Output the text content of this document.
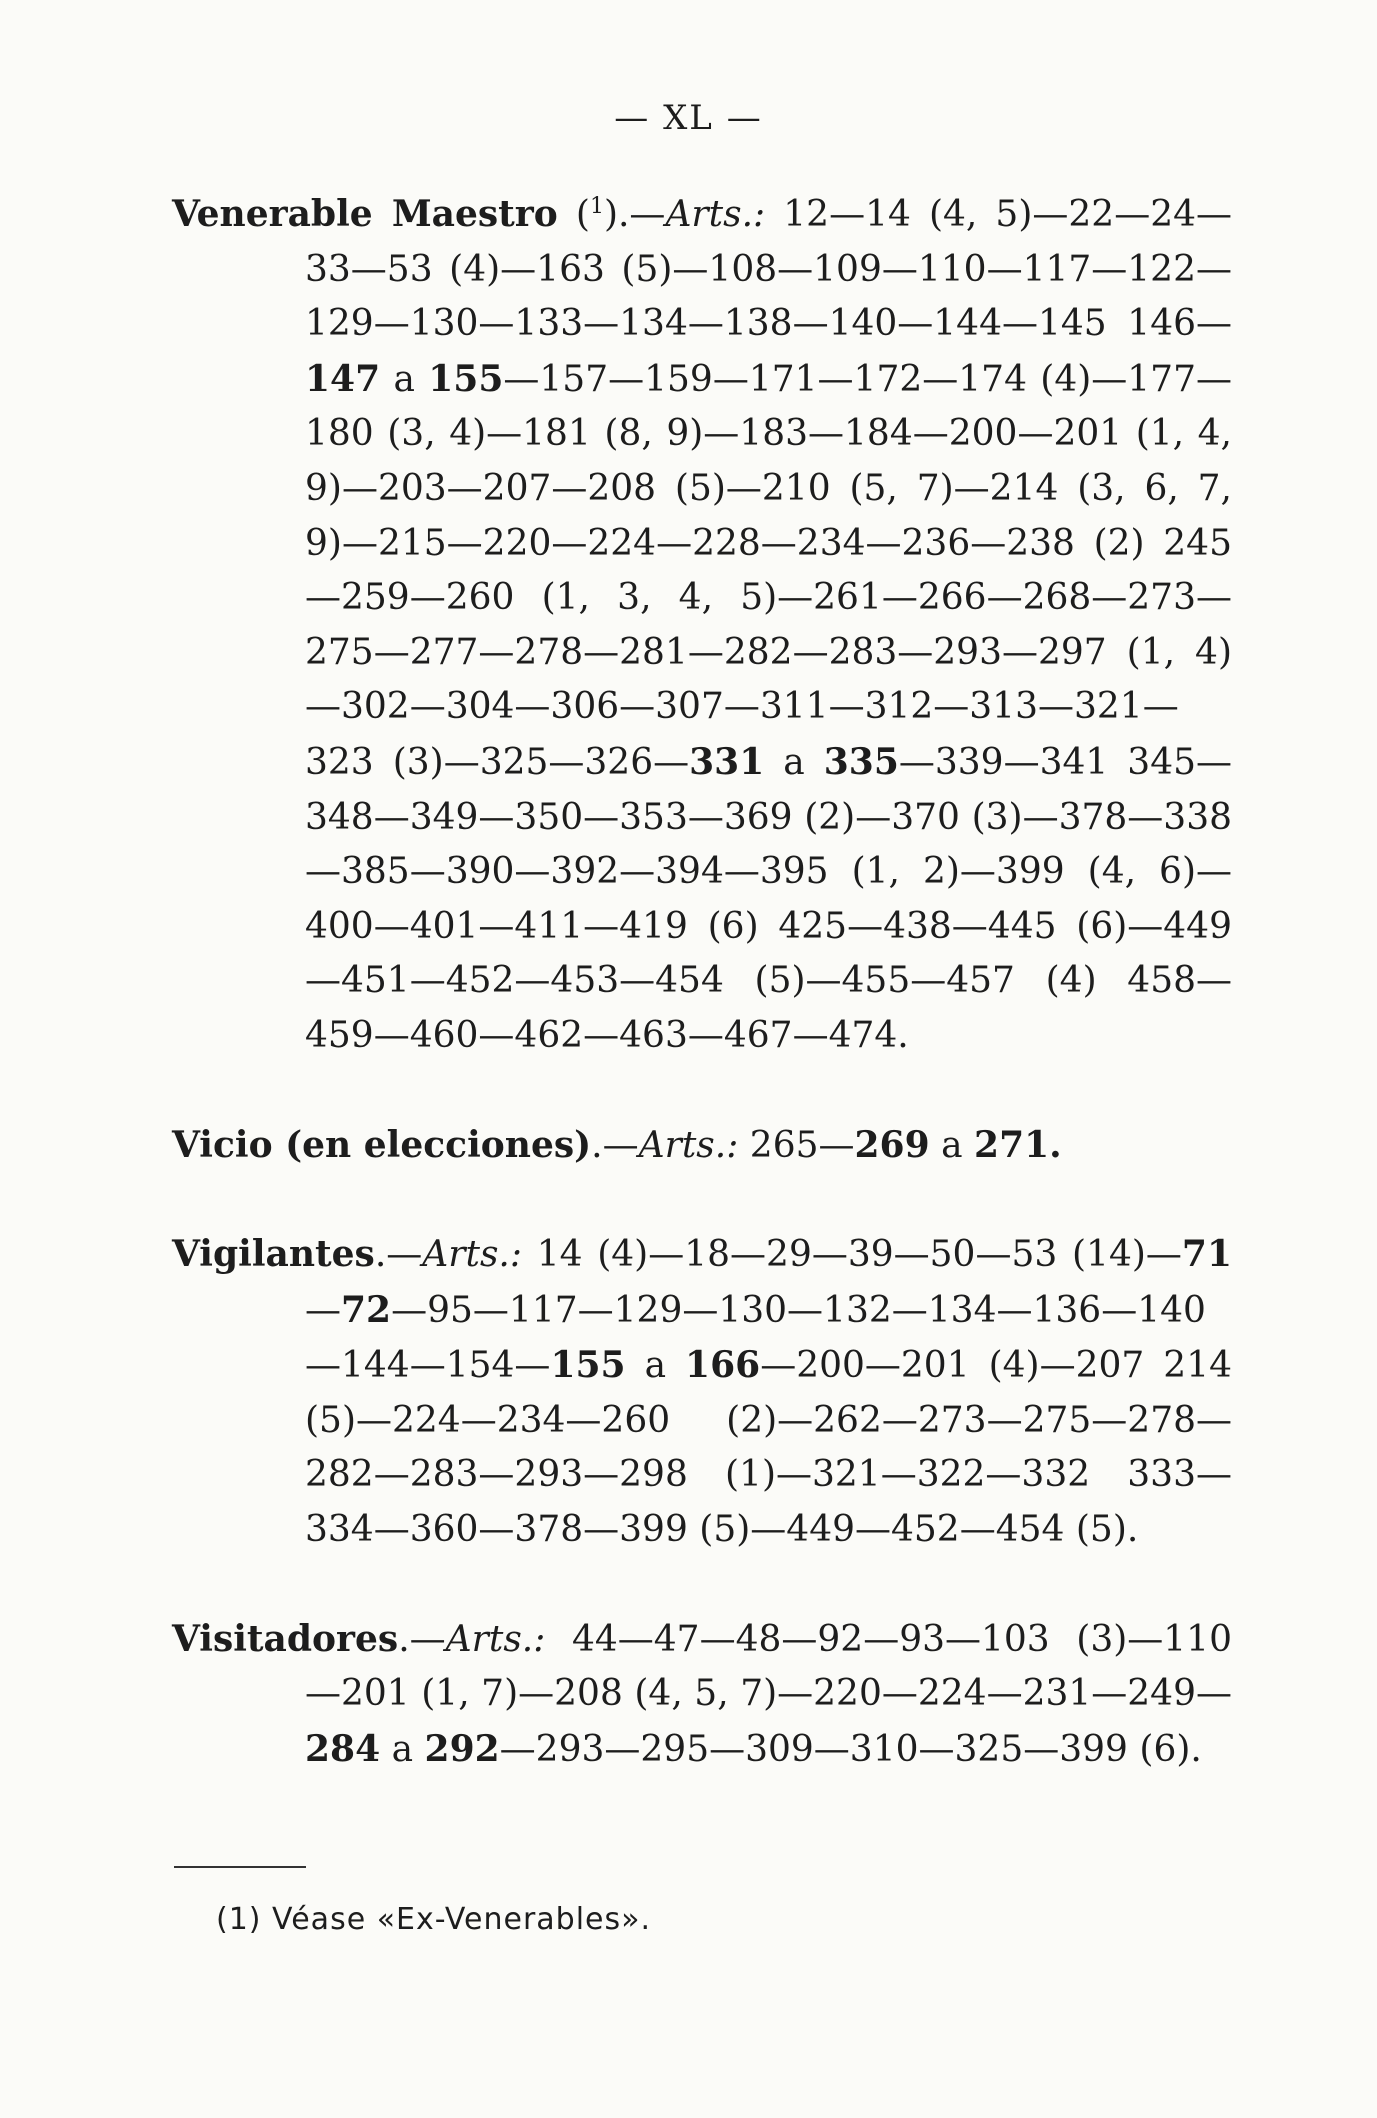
— XL —

Venerable Maestro ($^1$).—Arts.: 12—14 (4, 5)—22—24—33—53 (4)—163 (5)—108—109—110—117—122—129—130—133—134—138—140—144—145 146—147 a 155—157—159—171—172—174 (4)—177—180 (3, 4)—181 (8, 9)—183—184—200—201 (1, 4, 9)—203—207—208 (5)—210 (5, 7)—214 (3, 6, 7, 9)—215—220—224—228—234—236—238 (2) 245—259—260 (1, 3, 4, 5)—261—266—268—273—275—277—278—281—282—283—293—297 (1, 4)—302—304—306—307—311—312—313—321—323 (3)—325—326—331 a 335—339—341 345—348—349—350—353—369 (2)—370 (3)—378—338—385—390—392—394—395 (1, 2)—399 (4, 6)—400—401—411—419 (6) 425—438—445 (6)—449—451—452—453—454 (5)—455—457 (4) 458—459—460—462—463—467—474.

Vicio (en elecciones).—Arts.: 265—269 a 271.

Vigilantes.—Arts.: 14 (4)—18—29—39—50—53 (14)—71—72—95—117—129—130—132—134—136—140—144—154—155 a 166—200—201 (4)—207 214 (5)—224—234—260 (2)—262—273—275—278—282—283—293—298 (1)—321—322—332 333—334—360—378—399 (5)—449—452—454 (5).

Visitadores.—Arts.: 44—47—48—92—93—103 (3)—110—201 (1, 7)—208 (4, 5, 7)—220—224—231—249—284 a 292—293—295—309—310—325—399 (6).

(1) Véase «Ex-Venerables».
